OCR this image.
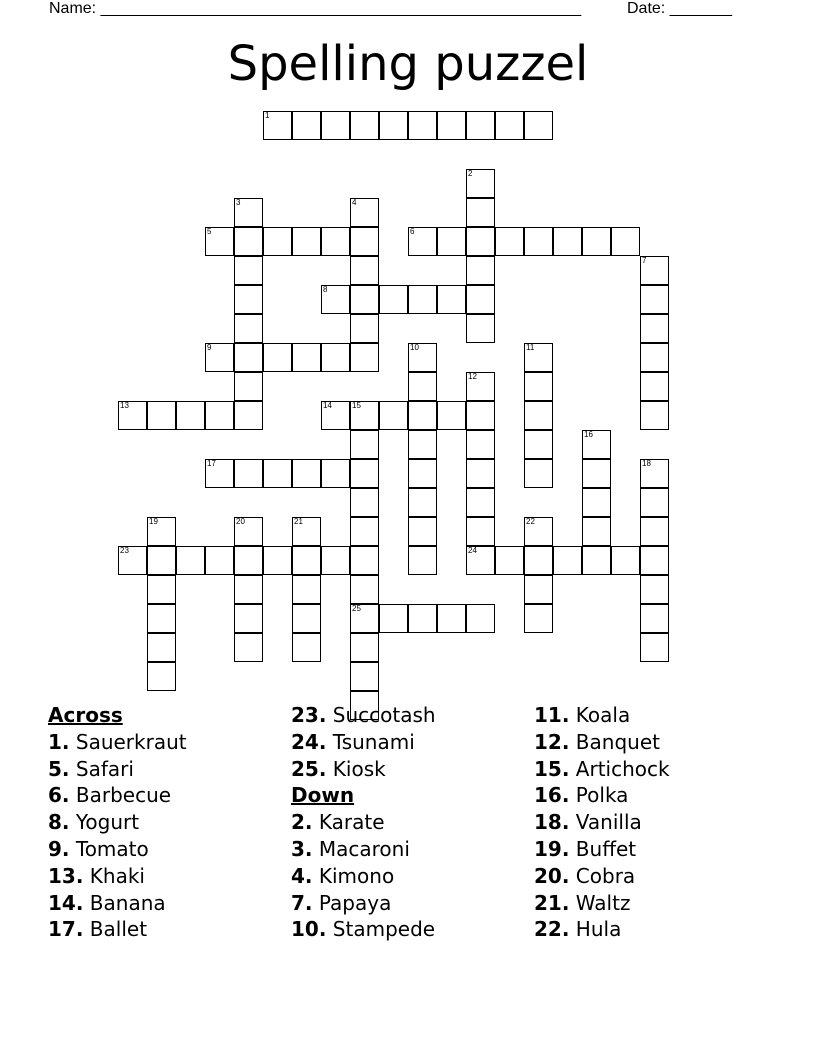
Name: ______________________________________________________	Date: _______
Spelling puzzel
1
5	6
8
9
13	14	15
17
23	24
25
2
3	4
7
10	11
12
16
18
19	20	21	22
Across
1. Sauerkraut
5. Safari
6. Barbecue
8. Yogurt
9. Tomato
13. Khaki
14. Banana
17. Ballet
23. Succotash
24. Tsunami
25. Kiosk
Down
2. Karate
3. Macaroni
4. Kimono
7. Papaya
10. Stampede
11. Koala
12. Banquet
15. Artichock
16. Polka
18. Vanilla
19. Buffet
20. Cobra
21. Waltz
22. Hula
